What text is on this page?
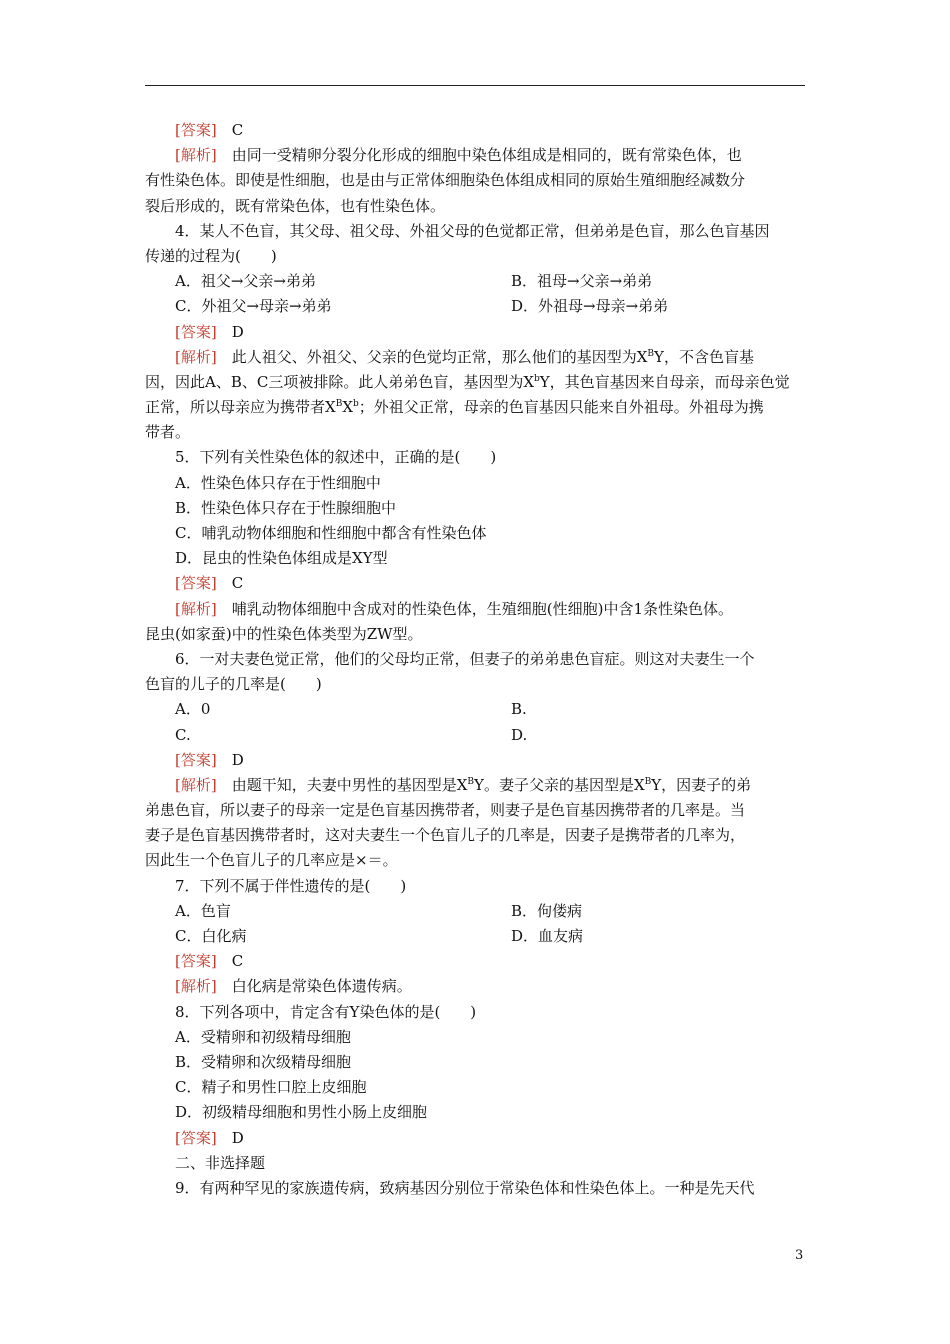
[答案]　 C
[解析]　 由同一受精卵分裂分化形成的细胞中染色体组成是相同的，既有常染色体，也
有性染色体。即使是性细胞，也是由与正常体细胞染色体组成相同的原始生殖细胞经减数分
裂后形成的，既有常染色体，也有性染色体。
4．某人不色盲，其父母、祖父母、外祖父母的色觉都正常，但弟弟是色盲，那么色盲基因
传递的过程为(　　)
A．祖父→父亲→弟弟	B．祖母→父亲→弟弟
C．外祖父→母亲→弟弟	D．外祖母→母亲→弟弟
[答案]　 D
[解析]　 此人祖父、外祖父、父亲的色觉均正常，那么他们的基因型为$X^BY$，不含色盲基
因，因此A、B、C三项被排除。此人弟弟色盲，基因型为$X^bY$，其色盲基因来自母亲，而母亲色觉
正常，所以母亲应为携带者$X^BX^b$；外祖父正常，母亲的色盲基因只能来自外祖母。外祖母为携
带者。
5．下列有关性染色体的叙述中，正确的是(　　)
A．性染色体只存在于性细胞中
B．性染色体只存在于性腺细胞中
C．哺乳动物体细胞和性细胞中都含有性染色体
D．昆虫的性染色体组成是XY型
[答案]　 C
[解析]　 哺乳动物体细胞中含成对的性染色体，生殖细胞(性细胞)中含1条性染色体。
昆虫(如家蚕)中的性染色体类型为ZW型。
6．一对夫妻色觉正常，他们的父母均正常，但妻子的弟弟患色盲症。则这对夫妻生一个
色盲的儿子的几率是(　　)
A．0	B.
C.	D.
[答案]　 D
[解析]　 由题干知，夫妻中男性的基因型是$X^BY$。妻子父亲的基因型是$X^BY$，因妻子的弟
弟患色盲，所以妻子的母亲一定是色盲基因携带者，则妻子是色盲基因携带者的几率是。当
妻子是色盲基因携带者时，这对夫妻生一个色盲儿子的几率是，因妻子是携带者的几率为，
因此生一个色盲儿子的几率应是×＝。
7．下列不属于伴性遗传的是(　　)
A．色盲	B．佝偻病
C．白化病	D．血友病
[答案]　 C
[解析]　 白化病是常染色体遗传病。
8．下列各项中，肯定含有Y染色体的是(　　)
A．受精卵和初级精母细胞
B．受精卵和次级精母细胞
C．精子和男性口腔上皮细胞
D．初级精母细胞和男性小肠上皮细胞
[答案]　 D
二、非选择题
9．有两种罕见的家族遗传病，致病基因分别位于常染色体和性染色体上。一种是先天代
3
